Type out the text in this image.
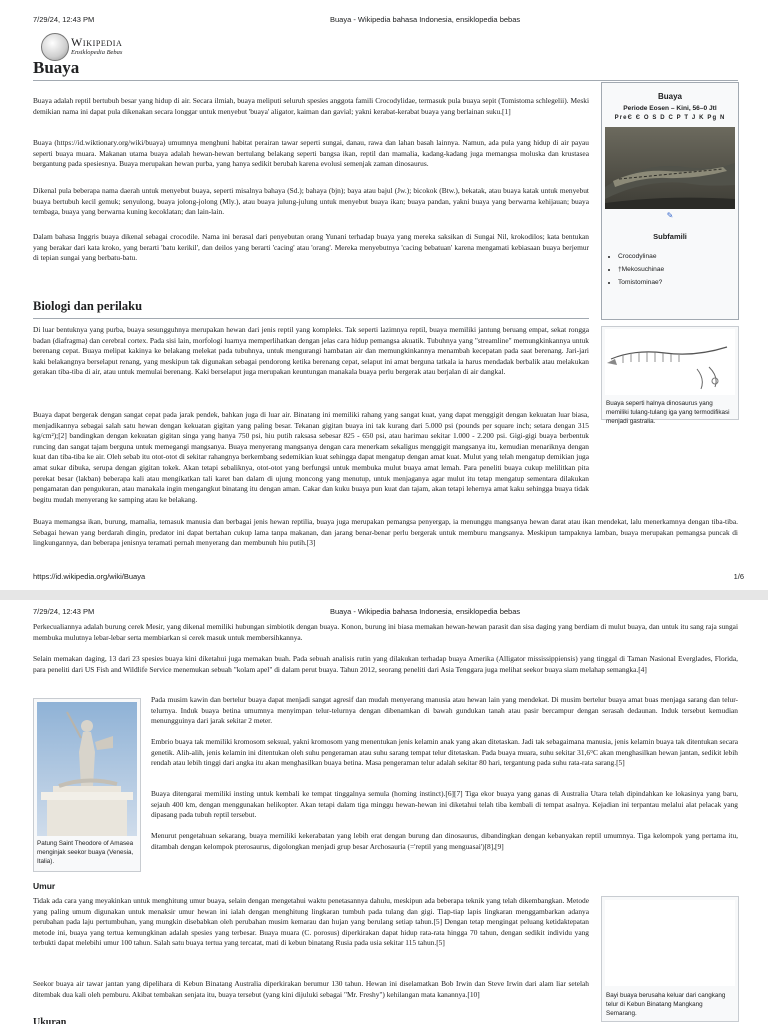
7/29/24, 12:43 PM	Buaya - Wikipedia bahasa Indonesia, ensiklopedia bebas
Wikipedia
Ensiklopedia Bebas
Buaya

Buaya adalah reptil bertubuh besar yang hidup di air. Secara ilmiah, buaya meliputi seluruh spesies anggota famili Crocodylidae, termasuk pula buaya sepit (Tomistoma schlegelii). Meski demikian nama ini dapat pula dikenakan secara longgar untuk menyebut 'buaya' aligator, kaiman dan gavial; yakni kerabat-kerabat buaya yang berlainan suku.[1]

Buaya (https://id.wiktionary.org/wiki/buaya) umumnya menghuni habitat perairan tawar seperti sungai, danau, rawa dan lahan basah lainnya. Namun, ada pula yang hidup di air payau seperti buaya muara. Makanan utama buaya adalah hewan-hewan bertulang belakang seperti bangsa ikan, reptil dan mamalia, kadang-kadang juga memangsa moluska dan krustasea bergantung pada spesiesnya. Buaya merupakan hewan purba, yang hanya sedikit berubah karena evolusi semenjak zaman dinosaurus.

Dikenal pula beberapa nama daerah untuk menyebut buaya, seperti misalnya bahaya (Sd.); bahaya (bjn); baya atau bajul (Jw.); bicokok (Btw.), bekatak, atau buaya katak untuk menyebut buaya bertubuh kecil gemuk; senyulong, buaya jolong-jolong (Mly.), atau buaya julung-julung untuk menyebut buaya ikan; buaya pandan, yakni buaya yang berwarna kehijauan; buaya tembaga, buaya yang berwarna kuning kecoklatan; dan lain-lain.

Dalam bahasa Inggris buaya dikenal sebagai crocodile. Nama ini berasal dari penyebutan orang Yunani terhadap buaya yang mereka saksikan di Sungai Nil, krokodilos; kata bentukan yang berakar dari kata kroko, yang berarti 'batu kerikil', dan deilos yang berarti 'cacing' atau 'orang'. Mereka menyebutnya 'cacing bebatuan' karena mengamati kebiasaan buaya berjemur di tepian sungai yang berbatu-batu.

Buaya
Periode Eosen – Kini, 56–0 Jtl
PreЄ Є O S D C P T J K Pg N
✎
Subfamili
• Crocodylinae
• †Mekosuchinae
• Tomistominae?
Biologi dan perilaku

Di luar bentuknya yang purba, buaya sesungguhnya merupakan hewan dari jenis reptil yang kompleks. Tak seperti lazimnya reptil, buaya memiliki jantung beruang empat, sekat rongga badan (diafragma) dan cerebral cortex. Pada sisi lain, morfologi luarnya memperlihatkan dengan jelas cara hidup pemangsa akuatik. Tubuhnya yang "streamline" memungkinkannya untuk berenang cepat. Buaya melipat kakinya ke belakang melekat pada tubuhnya, untuk mengurangi hambatan air dan memungkinkannya menambah kecepatan pada saat berenang. Jari-jari kaki belakangnya berselaput renang, yang meskipun tak digunakan sebagai pendorong ketika berenang cepat, selaput ini amat berguna tatkala ia harus mendadak berbalik atau melakukan gerakan tiba-tiba di air, atau untuk memulai berenang. Kaki berselaput juga merupakan keuntungan manakala buaya perlu bergerak atau berjalan di air dangkal.

Buaya dapat bergerak dengan sangat cepat pada jarak pendek, bahkan juga di luar air. Binatang ini memiliki rahang yang sangat kuat, yang dapat menggigit dengan kekuatan luar biasa, menjadikannya sebagai salah satu hewan dengan kekuatan gigitan yang paling besar. Tekanan gigitan buaya ini tak kurang dari 5.000 psi (pounds per square inch; setara dengan 315 kg/cm²);[2] bandingkan dengan kekuatan gigitan singa yang hanya 750 psi, hiu putih raksasa sebesar 825 - 650 psi, atau harimau sekitar 1.000 - 2.200 psi. Gigi-gigi buaya berbentuk runcing dan sangat tajam berguna untuk memegangi mangsanya. Buaya menyerang mangsanya dengan cara menerkam sekaligus menggigit mangsanya itu, kemudian menariknya dengan kuat dan tiba-tiba ke air. Oleh sebab itu otot-otot di sekitar rahangnya berkembang sedemikian kuat sehingga dapat mengatup dengan amat kuat. Mulut yang telah mengatup demikian juga amat sukar dibuka, serupa dengan gigitan tokek. Akan tetapi sebaliknya, otot-otot yang berfungsi untuk membuka mulut buaya amat lemah. Para peneliti buaya cukup melilitkan pita perekat besar (lakban) beberapa kali atau mengikatkan tali karet ban dalam di ujung moncong yang menutup, untuk menjaganya agar mulut itu tetap mengatup sementara dilakukan pengamatan dan pengukuran, atau manakala ingin mengangkut binatang itu dengan aman. Cakar dan kuku buaya pun kuat dan tajam, akan tetapi lehernya amat kaku sehingga buaya tidak begitu mudah menyerang ke samping atau ke belakang.

Buaya memangsa ikan, burung, mamalia, temasuk manusia dan berbagai jenis hewan reptilia, buaya juga merupakan pemangsa penyergap, ia menunggu mangsanya hewan darat atau ikan mendekat, lalu menerkamnya dengan tiba-tiba. Sebagai hewan yang berdarah dingin, predator ini dapat bertahan cukup lama tanpa makanan, dan jarang benar-benar perlu bergerak untuk memburu mangsanya. Meskipun tampaknya lamban, buaya merupakan pemangsa puncak di lingkungannya, dan beberapa jenisnya teramati pernah menyerang dan membunuh hiu putih.[3]

Buaya seperti halnya dinosaurus yang memiliki tulang-tulang iga yang termodifikasi menjadi gastralia.
https://id.wikipedia.org/wiki/Buaya	1/6
7/29/24, 12:43 PM	Buaya - Wikipedia bahasa Indonesia, ensiklopedia bebas

Perkecualiannya adalah burung cerek Mesir, yang dikenal memiliki hubungan simbiotik dengan buaya. Konon, burung ini biasa memakan hewan-hewan parasit dan sisa daging yang berdiam di mulut buaya, dan untuk itu sang raja sungai membuka mulutnya lebar-lebar serta membiarkan si cerek masuk untuk membersihkannya.

Selain memakan daging, 13 dari 23 spesies buaya kini diketahui juga memakan buah. Pada sebuah analisis rutin yang dilakukan terhadap buaya Amerika (Alligator mississippiensis) yang tinggal di Taman Nasional Everglades, Florida, para peneliti dari US Fish and Wildlife Service menemukan sebuah "kolam apel" di dalam perut buaya. Tahun 2012, seorang peneliti dari Asia Tenggara juga melihat seekor buaya siam melahap semangka.[4]

Patung Saint Theodore of Amasea menginjak seekor buaya (Venesia, Italia).

Pada musim kawin dan bertelur buaya dapat menjadi sangat agresif dan mudah menyerang manusia atau hewan lain yang mendekat. Di musim bertelur buaya amat buas menjaga sarang dan telur-telurnya. Induk buaya betina umumnya menyimpan telur-telurnya dengan dibenamkan di bawah gundukan tanah atau pasir bercampur dengan serasah dedaunan. Induk tersebut kemudian menungguinya dari jarak sekitar 2 meter.

Embrio buaya tak memiliki kromosom seksual, yakni kromosom yang menentukan jenis kelamin anak yang akan ditetaskan. Jadi tak sebagaimana manusia, jenis kelamin buaya tak ditentukan secara genetik. Alih-alih, jenis kelamin ini ditentukan oleh suhu pengeraman atau suhu sarang tempat telur ditetaskan. Pada buaya muara, suhu sekitar 31,6°C akan menghasilkan hewan jantan, sedikit lebih rendah atau lebih tinggi dari angka itu akan menghasilkan buaya betina. Masa pengeraman telur adalah sekitar 80 hari, tergantung pada suhu rata-rata sarang.[5]

Buaya ditengarai memiliki insting untuk kembali ke tempat tinggalnya semula (homing instinct).[6][7] Tiga ekor buaya yang ganas di Australia Utara telah dipindahkan ke lokasinya yang baru, sejauh 400 km, dengan menggunakan helikopter. Akan tetapi dalam tiga minggu hewan-hewan ini diketahui telah tiba kembali di tempat asalnya. Kejadian ini terpantau melalui alat pelacak yang dipasang pada tubuh reptil tersebut.

Menurut pengetahuan sekarang, buaya memiliki kekerabatan yang lebih erat dengan burung dan dinosaurus, dibandingkan dengan kebanyakan reptil umumnya. Tiga kelompok yang pertama itu, ditambah dengan kelompok pterosaurus, digolongkan menjadi grup besar Archosauria (='reptil yang menguasai')[8],[9]

Umur

Tidak ada cara yang meyakinkan untuk menghitung umur buaya, selain dengan mengetahui waktu penetasannya dahulu, meskipun ada beberapa teknik yang telah dikembangkan. Metode yang paling umum digunakan untuk menaksir umur hewan ini ialah dengan menghitung lingkaran tumbuh pada tulang dan gigi. Tiap-tiap lapis lingkaran menggambarkan adanya perubahan pada laju pertumbuhan, yang mungkin disebabkan oleh perubahan musim kemarau dan hujan yang berulang setiap tahun.[5] Dengan tetap mengingat peluang ketidaktepatan metode ini, buaya yang tertua kemungkinan adalah spesies yang terbesar. Buaya muara (C. porosus) diperkirakan dapat hidup rata-rata hingga 70 tahun, dengan sedikit individu yang terbukti dapat melebihi umur 100 tahun. Salah satu buaya tertua yang tercatat, mati di kebun binatang Rusia pada usia sekitar 115 tahun.[5]

Seekor buaya air tawar jantan yang dipelihara di Kebun Binatang Australia diperkirakan berumur 130 tahun. Hewan ini diselamatkan Bob Irwin dan Steve Irwin dari alam liar setelah ditembak dua kali oleh pemburu. Akibat tembakan senjata itu, buaya tersebut (yang kini dijuluki sebagai "Mr. Freshy") kehilangan mata kanannya.[10]	Bayi buaya berusaha keluar dari cangkang telur di Kebun Binatang Mangkang Semarang.
Ukuran
